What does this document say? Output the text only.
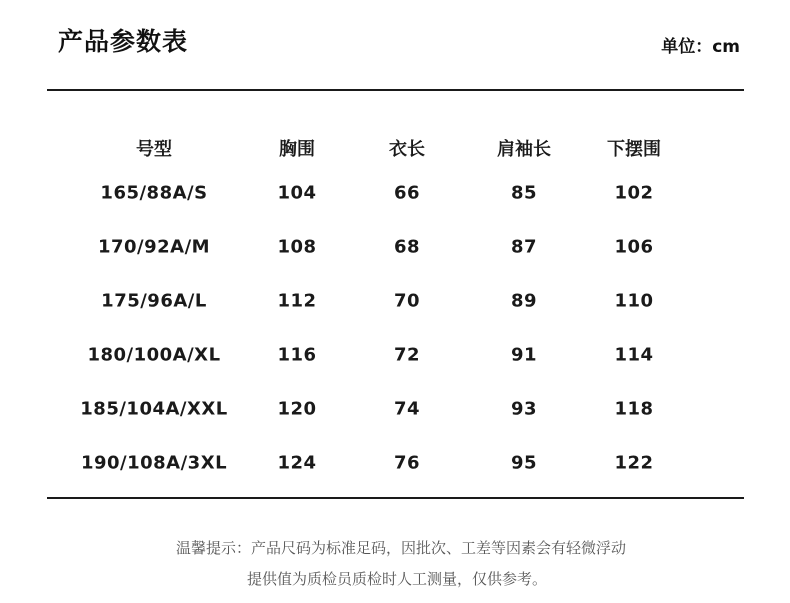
产品参数表	单位：cm
号型	胸围	衣长	肩袖长	下摆围
165/88A/S	104	66	85	102
170/92A/M	108	68	87	106
175/96A/L	112	70	89	110
180/100A/XL	116	72	91	114
185/104A/XXL	120	74	93	118
190/108A/3XL	124	76	95	122
温馨提示：产品尺码为标准足码，因批次、工差等因素会有轻微浮动
提供值为质检员质检时人工测量，仅供参考。
